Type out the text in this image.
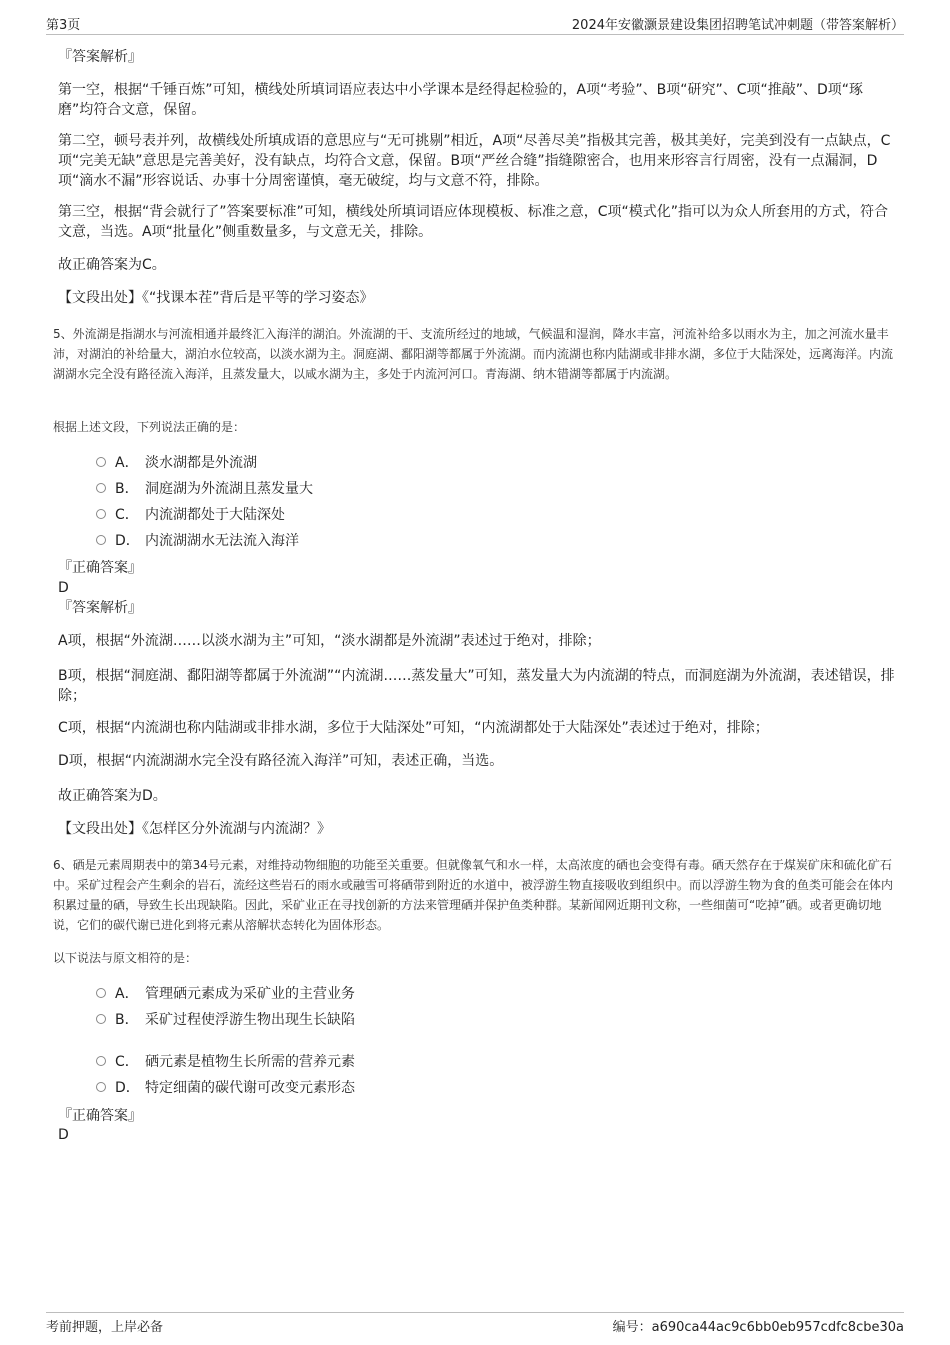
第3页	2024年安徽灏景建设集团招聘笔试冲刺题（带答案解析）
『答案解析』

第一空，根据“千锤百炼”可知，横线处所填词语应表达中小学课本是经得起检验的，A项“考验”、B项“研究”、C项“推敲”、D项“琢磨”均符合文意，保留。

第二空，顿号表并列，故横线处所填成语的意思应与“无可挑剔”相近，A项“尽善尽美”指极其完善，极其美好，完美到没有一点缺点，C项“完美无缺”意思是完善美好，没有缺点，均符合文意，保留。B项“严丝合缝”指缝隙密合，也用来形容言行周密，没有一点漏洞，D项“滴水不漏”形容说话、办事十分周密谨慎，毫无破绽，均与文意不符，排除。

第三空，根据“背会就行了”答案要标准”可知，横线处所填词语应体现模板、标准之意，C项“模式化”指可以为众人所套用的方式，符合文意，当选。A项“批量化”侧重数量多，与文意无关，排除。

故正确答案为C。
【文段出处】《“找课本茬”背后是平等的学习姿态》

5、外流湖是指湖水与河流相通并最终汇入海洋的湖泊。外流湖的干、支流所经过的地域，气候温和湿润，降水丰富，河流补给多以雨水为主，加之河流水量丰沛，对湖泊的补给量大，湖泊水位较高，以淡水湖为主。洞庭湖、鄱阳湖等都属于外流湖。而内流湖也称内陆湖或非排水湖，多位于大陆深处，远离海洋。内流湖湖水完全没有路径流入海洋，且蒸发量大，以咸水湖为主，多处于内流河河口。青海湖、纳木错湖等都属于内流湖。

根据上述文段，下列说法正确的是：
A． 淡水湖都是外流湖
B． 洞庭湖为外流湖且蒸发量大
C． 内流湖都处于大陆深处
D． 内流湖湖水无法流入海洋
『正确答案』
D
『答案解析』

A项，根据“外流湖……以淡水湖为主”可知，“淡水湖都是外流湖”表述过于绝对，排除；

B项，根据“洞庭湖、鄱阳湖等都属于外流湖”“内流湖……蒸发量大”可知，蒸发量大为内流湖的特点，而洞庭湖为外流湖，表述错误，排除；

C项，根据“内流湖也称内陆湖或非排水湖，多位于大陆深处”可知，“内流湖都处于大陆深处”表述过于绝对，排除；

D项，根据“内流湖湖水完全没有路径流入海洋”可知，表述正确，当选。

故正确答案为D。
【文段出处】《怎样区分外流湖与内流湖？》

6、硒是元素周期表中的第34号元素，对维持动物细胞的功能至关重要。但就像氧气和水一样，太高浓度的硒也会变得有毒。硒天然存在于煤炭矿床和硫化矿石中。采矿过程会产生剩余的岩石，流经这些岩石的雨水或融雪可将硒带到附近的水道中，被浮游生物直接吸收到组织中。而以浮游生物为食的鱼类可能会在体内积累过量的硒，导致生长出现缺陷。因此，采矿业正在寻找创新的方法来管理硒并保护鱼类种群。某新闻网近期刊文称，一些细菌可“吃掉”硒。或者更确切地说，它们的碳代谢已进化到将元素从溶解状态转化为固体形态。

以下说法与原文相符的是：
A． 管理硒元素成为采矿业的主营业务
B． 采矿过程使浮游生物出现生长缺陷
C． 硒元素是植物生长所需的营养元素
D． 特定细菌的碳代谢可改变元素形态
『正确答案』
D
考前押题，上岸必备	编号：a690ca44ac9c6bb0eb957cdfc8cbe30a
